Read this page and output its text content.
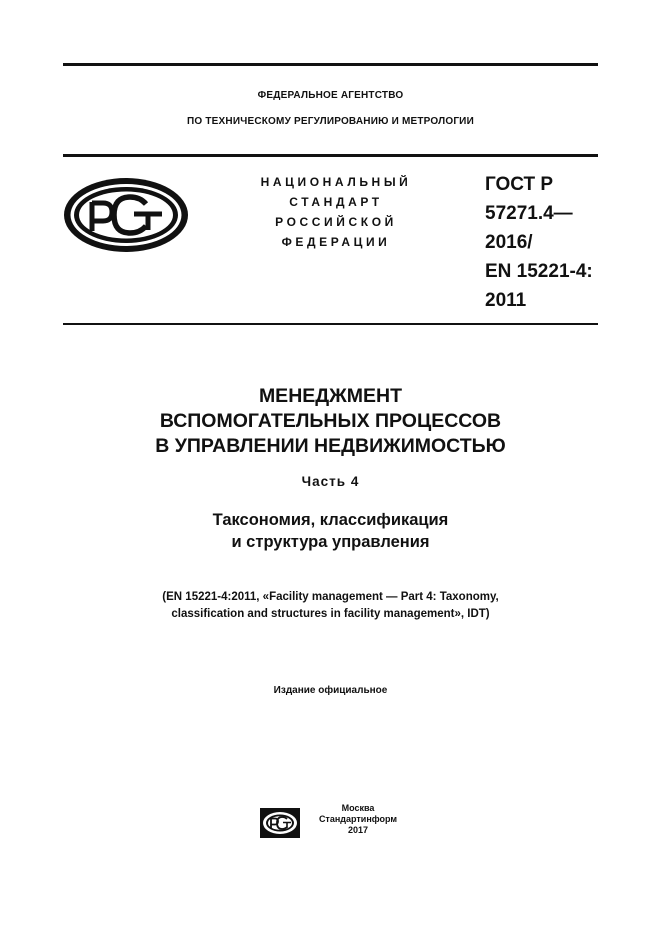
ФЕДЕРАЛЬНОЕ АГЕНТСТВО
ПО ТЕХНИЧЕСКОМУ РЕГУЛИРОВАНИЮ И МЕТРОЛОГИИ
НАЦИОНАЛЬНЫЙ
СТАНДАРТ
РОССИЙСКОЙ
ФЕДЕРАЦИИ
ГОСТ Р
57271.4—
2016/
EN 15221-4:
2011
МЕНЕДЖМЕНТ
ВСПОМОГАТЕЛЬНЫХ ПРОЦЕССОВ
В УПРАВЛЕНИИ НЕДВИЖИМОСТЬЮ
Часть 4
Таксономия, классификация
и структура управления
(EN 15221-4:2011, «Facility management — Part 4: Taxonomy,
classification and structures in facility management», IDT)
Издание официальное
Москва
Стандартинформ
2017
